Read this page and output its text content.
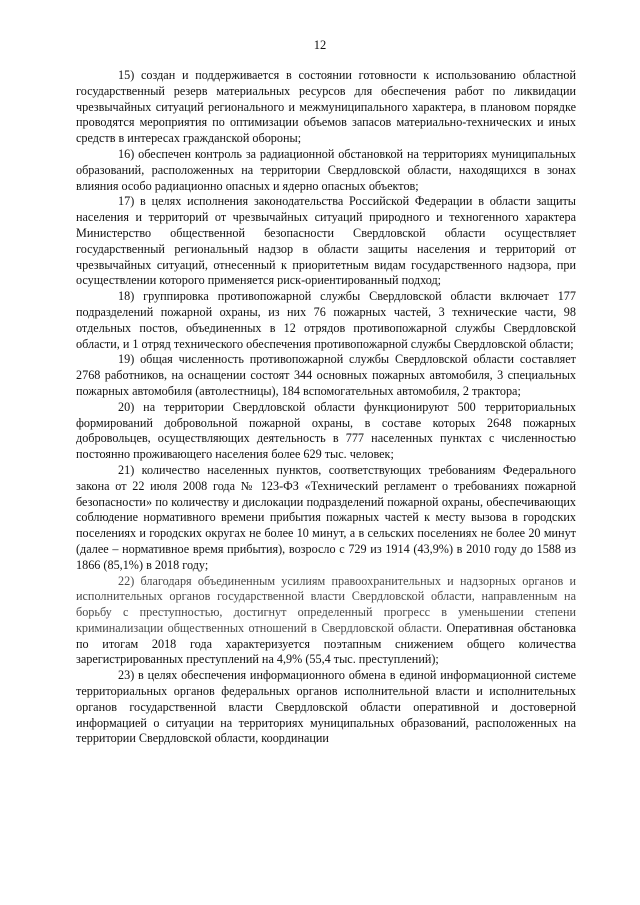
12

15) создан и поддерживается в состоянии готовности к использованию областной государственный резерв материальных ресурсов для обеспечения работ по ликвидации чрезвычайных ситуаций регионального и межмуниципального характера, в плановом порядке проводятся мероприятия по оптимизации объемов запасов материально-технических и иных средств в интересах гражданской обороны;

16) обеспечен контроль за радиационной обстановкой на территориях муниципальных образований, расположенных на территории Свердловской области, находящихся в зонах влияния особо радиационно опасных и ядерно опасных объектов;

17) в целях исполнения законодательства Российской Федерации в области защиты населения и территорий от чрезвычайных ситуаций природного и техногенного характера Министерство общественной безопасности Свердловской области осуществляет государственный региональный надзор в области защиты населения и территорий от чрезвычайных ситуаций, отнесенный к приоритетным видам государственного надзора, при осуществлении которого применяется риск-ориентированный подход;

18) группировка противопожарной службы Свердловской области включает 177 подразделений пожарной охраны, из них 76 пожарных частей, 3 технические части, 98 отдельных постов, объединенных в 12 отрядов противопожарной службы Свердловской области, и 1 отряд технического обеспечения противопожарной службы Свердловской области;

19) общая численность противопожарной службы Свердловской области составляет 2768 работников, на оснащении состоят 344 основных пожарных автомобиля, 3 специальных пожарных автомобиля (автолестницы), 184 вспомогательных автомобиля, 2 трактора;

20) на территории Свердловской области функционируют 500 территориальных формирований добровольной пожарной охраны, в составе которых 2648 пожарных добровольцев, осуществляющих деятельность в 777 населенных пунктах с численностью постоянно проживающего населения более 629 тыс. человек;

21) количество населенных пунктов, соответствующих требованиям Федерального закона от 22 июля 2008 года № 123-ФЗ «Технический регламент о требованиях пожарной безопасности» по количеству и дислокации подразделений пожарной охраны, обеспечивающих соблюдение нормативного времени прибытия пожарных частей к месту вызова в городских поселениях и городских округах не более 10 минут, а в сельских поселениях не более 20 минут (далее – нормативное время прибытия), возросло с 729 из 1914 (43,9%) в 2010 году до 1588 из 1866 (85,1%) в 2018 году;

22) благодаря объединенным усилиям правоохранительных и надзорных органов и исполнительных органов государственной власти Свердловской области, направленным на борьбу с преступностью, достигнут определенный прогресс в уменьшении степени криминализации общественных отношений в Свердловской области. Оперативная обстановка по итогам 2018 года характеризуется поэтапным снижением общего количества зарегистрированных преступлений на 4,9% (55,4 тыс. преступлений);

23) в целях обеспечения информационного обмена в единой информационной системе территориальных органов федеральных органов исполнительной власти и исполнительных органов государственной власти Свердловской области оперативной и достоверной информацией о ситуации на территориях муниципальных образований, расположенных на территории Свердловской области, координации
